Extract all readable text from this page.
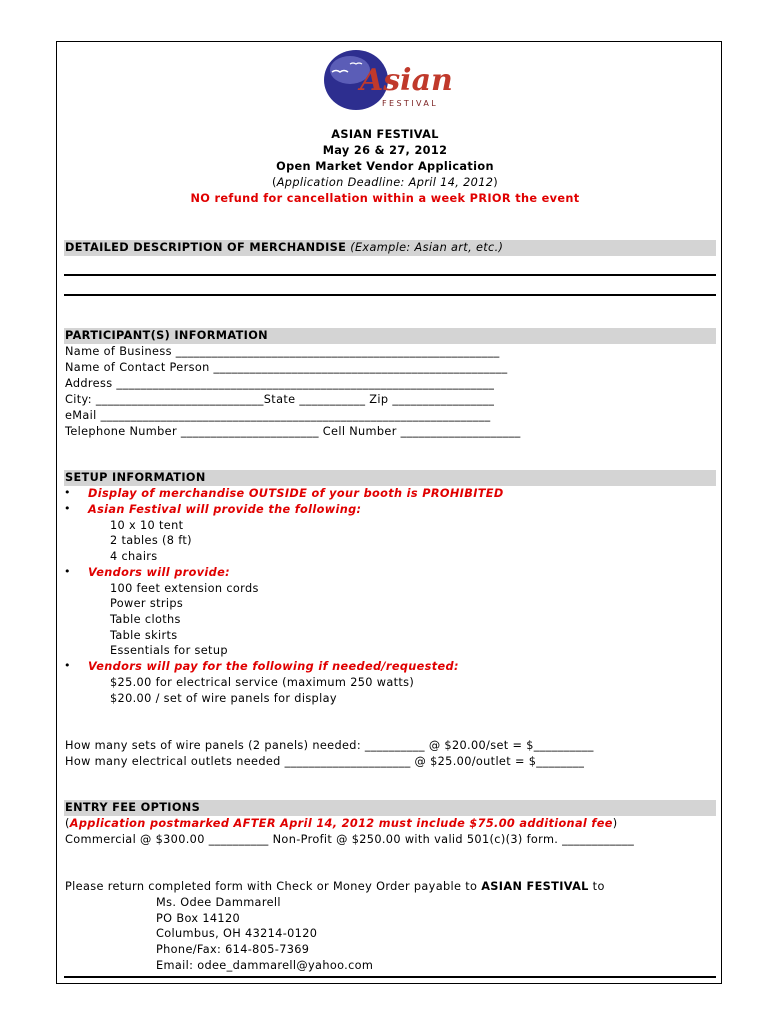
Asian
FESTIVAL
ASIAN FESTIVAL
May 26 & 27, 2012
Open Market Vendor Application
(Application Deadline: April 14, 2012)
NO refund for cancellation within a week PRIOR the event
DETAILED DESCRIPTION OF MERCHANDISE (Example: Asian art, etc.)
PARTICIPANT(S) INFORMATION
Name of Business ______________________________________________________
Name of Contact Person _________________________________________________
Address _______________________________________________________________
City: ____________________________State ___________ Zip _________________
eMail _________________________________________________________________
Telephone Number _______________________ Cell Number ____________________
SETUP INFORMATION
• Display of merchandise OUTSIDE of your booth is PROHIBITED
• Asian Festival will provide the following:
10 x 10 tent
2 tables (8 ft)
4 chairs
• Vendors will provide:
100 feet extension cords
Power strips
Table cloths
Table skirts
Essentials for setup
• Vendors will pay for the following if needed/requested:
$25.00 for electrical service (maximum 250 watts)
$20.00 / set of wire panels for display
How many sets of wire panels (2 panels) needed: __________ @ $20.00/set = $__________
How many electrical outlets needed _____________________ @ $25.00/outlet = $________
ENTRY FEE OPTIONS
(Application postmarked AFTER April 14, 2012 must include $75.00 additional fee)
Commercial @ $300.00 __________ Non-Profit @ $250.00 with valid 501(c)(3) form. ____________
Please return completed form with Check or Money Order payable to ASIAN FESTIVAL to
Ms. Odee Dammarell
PO Box 14120
Columbus, OH 43214-0120
Phone/Fax: 614-805-7369
Email: odee_dammarell@yahoo.com
